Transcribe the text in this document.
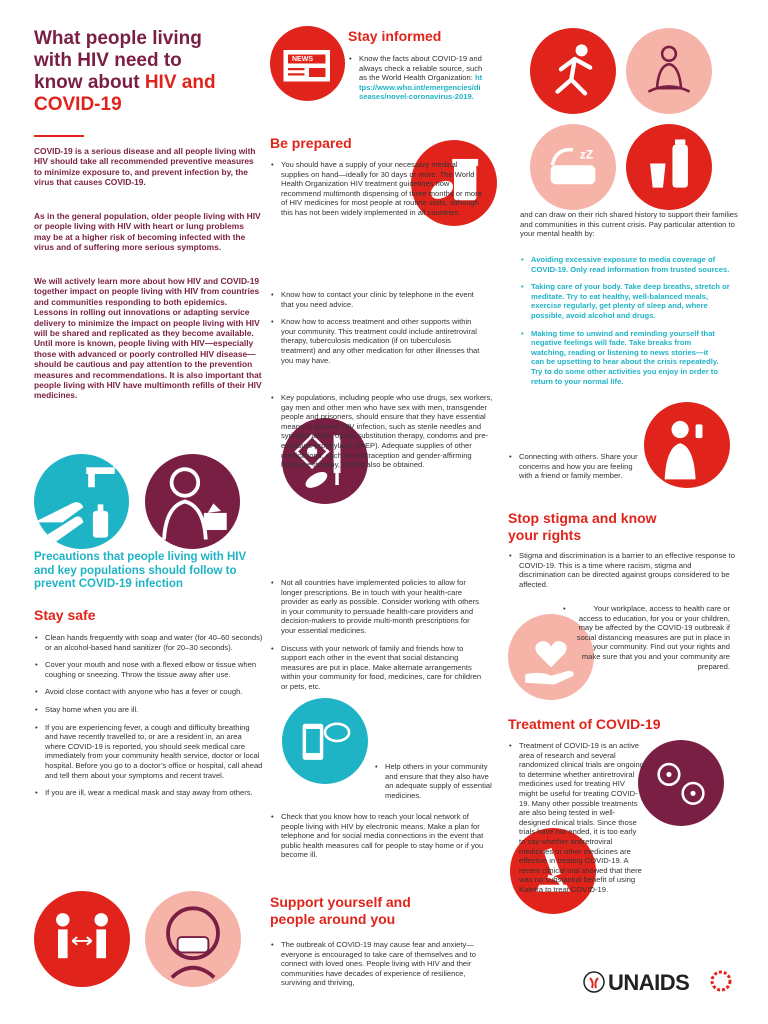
What people living
with HIV need to
know about HIV and
COVID-19
COVID-19 is a serious disease and all people living with HIV should take all recommended preventive measures to minimize exposure to, and prevent infection by, the virus that causes COVID-19.
As in the general population, older people living with HIV or people living with HIV with heart or lung problems may be at a higher risk of becoming infected with the virus and of suffering more serious symptoms.
We will actively learn more about how HIV and COVID-19 together impact on people living with HIV from countries and communities responding to both epidemics. Lessons in rolling out innovations or adapting service delivery to minimize the impact on people living with HIV will be shared and replicated as they become available. Until more is known, people living with HIV—especially those with advanced or poorly controlled HIV disease—should be cautious and pay attention to the prevention measures and recommendations. It is also important that people living with HIV have multimonth refills of their HIV medicines.
Precautions that people living with HIV and key populations should follow to prevent COVID-19 infection
Stay safe
• Clean hands frequently with soap and water (for 40–60 seconds) or an alcohol-based hand sanitizer (for 20–30 seconds).
• Cover your mouth and nose with a flexed elbow or tissue when coughing or sneezing. Throw the tissue away after use.
• Avoid close contact with anyone who has a fever or cough.
• Stay home when you are ill.
• If you are experiencing fever, a cough and difficulty breathing and have recently travelled to, or are a resident in, an area where COVID-19 is reported, you should seek medical care immediately from your community health service, doctor or local hospital. Before you go to a doctor’s office or hospital, call ahead and tell them about your symptoms and recent travel.
• If you are ill, wear a medical mask and stay away from others.
NEWS
Stay informed
• Know the facts about COVID-19 and always check a reliable source, such as the World Health Organization: https://www.who.int/emergencies/diseases/novel-coronavirus-2019.
Be prepared
• You should have a supply of your necessary medical supplies on hand—ideally for 30 days or more. The World Health Organization HIV treatment guidelines now recommend multimonth dispensing of three months or more of HIV medicines for most people at routine visits, although this has not been widely implemented in all countries.
• Know how to contact your clinic by telephone in the event that you need advice.
• Know how to access treatment and other supports within your community. This treatment could include antiretroviral therapy, tuberculosis medication (if on tuberculosis treatment) and any other medication for other illnesses that you may have.
• Key populations, including people who use drugs, sex workers, gay men and other men who have sex with men, transgender people and prisoners, should ensure that they have essential means to prevent HIV infection, such as sterile needles and syringes and/or opioid substitution therapy, condoms and pre-exposure prophylaxis (PrEP). Adequate supplies of other medications, such as contraception and gender-affirming hormone therapy, should also be obtained.
• Not all countries have implemented policies to allow for longer prescriptions. Be in touch with your health-care provider as early as possible. Consider working with others in your community to persuade health-care providers and decision-makers to provide multi-month prescriptions for your essential medicines.
• Discuss with your network of family and friends how to support each other in the event that social distancing measures are put in place. Make alternate arrangements within your community for food, medicines, care for children or pets, etc.
• Help others in your community and ensure that they also have an adequate supply of essential medicines.
• Check that you know how to reach your local network of people living with HIV by electronic means. Make a plan for telephone and for social media connections in the event that public health measures call for people to stay home or if you become ill.
Support yourself and
people around you
• The outbreak of COVID-19 may cause fear and anxiety—everyone is encouraged to take care of themselves and to connect with loved ones. People living with HIV and their communities have decades of experience of resilience, surviving and thriving,
zZ
and can draw on their rich shared history to support their families and communities in this current crisis. Pay particular attention to your mental health by:
• Avoiding excessive exposure to media coverage of COVID-19. Only read information from trusted sources.
• Taking care of your body. Take deep breaths, stretch or meditate. Try to eat healthy, well-balanced meals, exercise regularly, get plenty of sleep and, where possible, avoid alcohol and drugs.
• Making time to unwind and reminding yourself that negative feelings will fade. Take breaks from watching, reading or listening to news stories—it can be upsetting to hear about the crisis repeatedly. Try to do some other activities you enjoy in order to return to your normal life.
• Connecting with others. Share your concerns and how you are feeling with a friend or family member.
Stop stigma and know
your rights
• Stigma and discrimination is a barrier to an effective response to COVID-19. This is a time where racism, stigma and discrimination can be directed against groups considered to be affected.
• Your workplace, access to health care or access to education, for you or your children, may be affected by the COVID-19 outbreak if social distancing measures are put in place in your community. Find out your rights and make sure that you and your community are prepared.
Treatment of COVID-19
• Treatment of COVID-19 is an active area of research and several randomized clinical trials are ongoing to determine whether antiretroviral medicines used for treating HIV might be useful for treating COVID-19. Many other possible treatments are also being tested in well-designed clinical trials. Since those trials have not ended, it is too early to say whether antiretroviral medicines or other medicines are effective in treating COVID-19. A recent clinical trial showed that there was no substantial benefit of using Kaletra to treat COVID-19.
UNAIDS
